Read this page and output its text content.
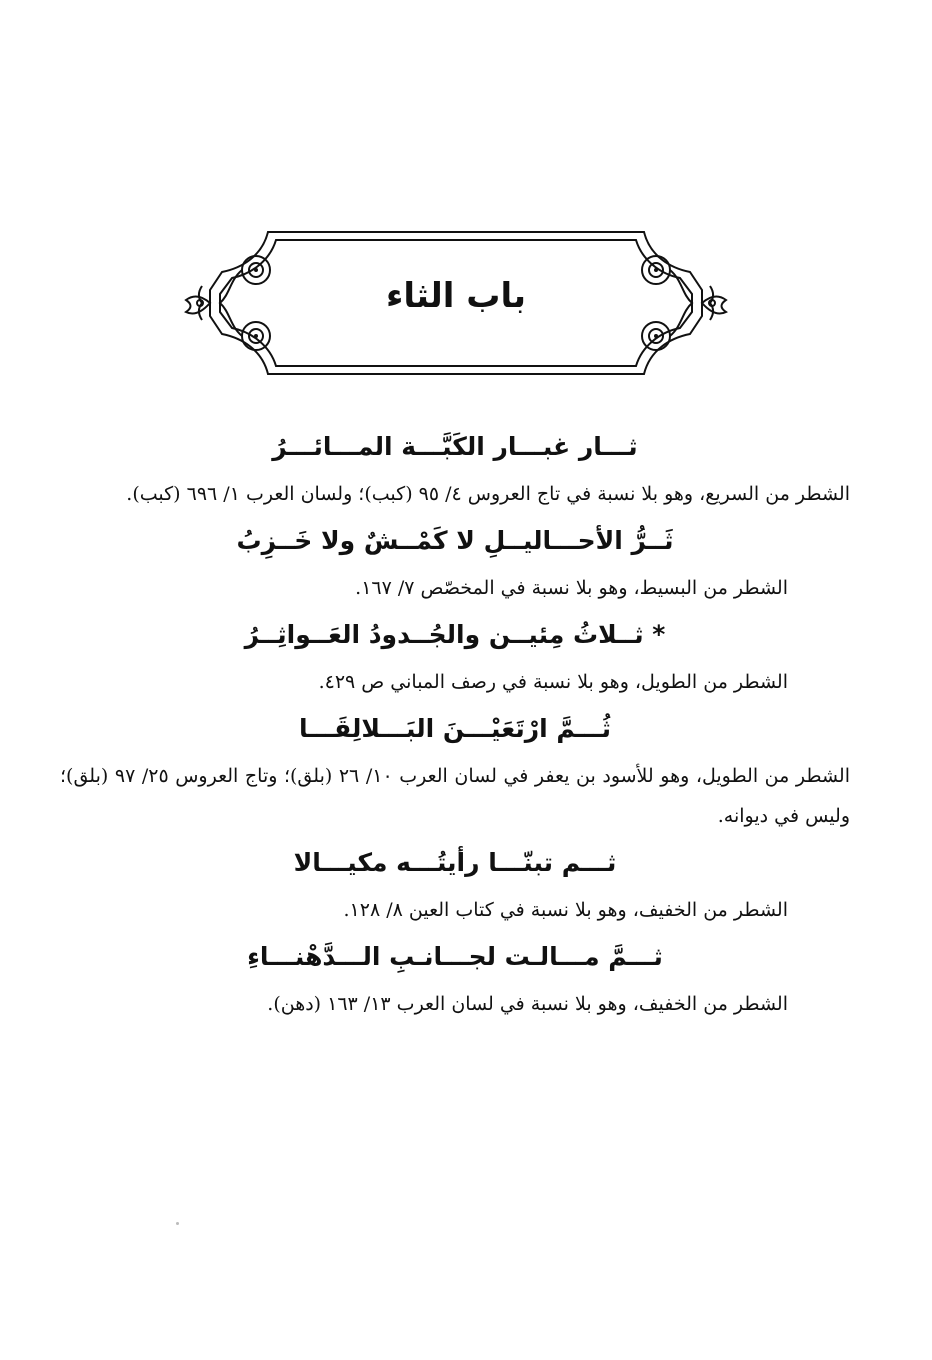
باب الثاء
ثـــار غبـــار الكَبَّـــة المـــائـــرُ

الشطر من السريع، وهو بلا نسبة في تاج العروس ٤/ ٩٥ (كبب)؛ ولسان العرب ١/ ٦٩٦ (كبب).

ثَــرُّ الأحـــاليــلِ لا كَمْــشٌ ولا خَــزِبُ

الشطر من البسيط، وهو بلا نسبة في المخصّص ٧/ ١٦٧.

* ثــلاثُ مِئيــن والجُــدودُ العَــواثِــرُ

الشطر من الطويل، وهو بلا نسبة في رصف المباني ص ٤٢٩.

ثُـــمَّ ارْتَعَيْـــنَ البَـــلالِقَـــا

الشطر من الطويل، وهو للأسود بن يعفر في لسان العرب ١٠/ ٢٦ (بلق)؛ وتاج العروس ٢٥/ ٩٧ (بلق)؛ وليس في ديوانه.

ثـــم تبنّـــا رأيتُـــه مكيـــالا

الشطر من الخفيف، وهو بلا نسبة في كتاب العين ٨/ ١٢٨.

ثـــمَّ مـــالـت لجـــانـبِ الـــدَّهْنـــاءِ

الشطر من الخفيف، وهو بلا نسبة في لسان العرب ١٣/ ١٦٣ (دهن).
